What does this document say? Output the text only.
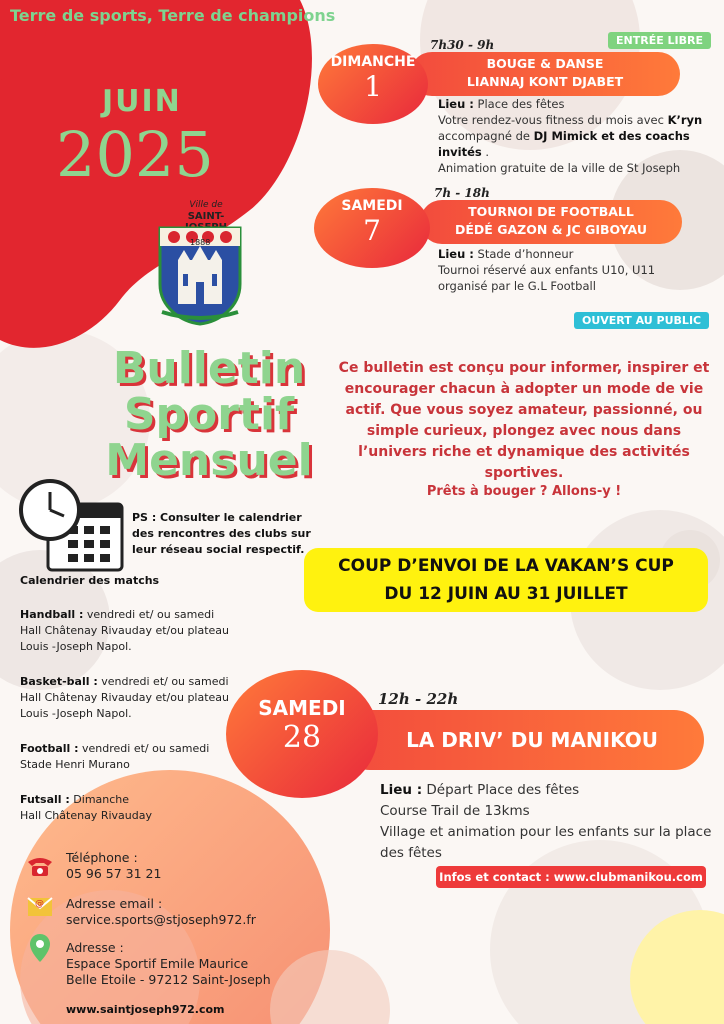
Terre de sports, Terre de champions
JUIN
2025
Ville de
SAINT-
1888
ENTRÉE LIBRE
OUVERT AU PUBLIC
7h30 - 9h
BOUGE & DANSE
LIANNAJ KONT DJABET
DIMANCHE
1
Lieu : Place des fêtes
Votre rendez-vous fitness du mois avec K’ryn
accompagné de DJ Mimick et des coachs invités .
Animation gratuite de la ville de St Joseph
7h - 18h
TOURNOI DE FOOTBALL
DÉDÉ GAZON & JC GIBOYAU
SAMEDI
7
Lieu : Stade d’honneur
Tournoi réservé aux enfants U10, U11
organisé par le G.L Football
Bulletin
Sportif
Mensuel
Ce bulletin est conçu pour informer, inspirer et encourager chacun à adopter un mode de vie actif. Que vous soyez amateur, passionné, ou simple curieux, plongez avec nous dans l’univers riche et dynamique des activités sportives.
Prêts à bouger ? Allons-y !
PS : Consulter le calendrier des rencontres des clubs sur leur réseau social respectif.
Calendrier des matchs
Handball : vendredi et/ ou samedi
Hall Châtenay Rivauday et/ou plateau
Louis -Joseph Napol.
Basket-ball : vendredi et/ ou samedi
Hall Châtenay Rivauday et/ou plateau
Louis -Joseph Napol.
Football : vendredi et/ ou samedi
Stade Henri Murano
Futsall : Dimanche
Hall Châtenay Rivauday
COUP D’ENVOI DE LA VAKAN’S CUP
DU 12 JUIN AU 31 JUILLET
12h - 22h
LA DRIV’ DU MANIKOU
SAMEDI
28
Lieu : Départ Place des fêtes
Course Trail de 13kms
Village et animation pour les enfants sur la place
des fêtes
Infos et contact : www.clubmanikou.com
Téléphone :
05 96 57 31 21
@ Adresse email :
service.sports@stjoseph972.fr
Adresse :
Espace Sportif Emile Maurice
Belle Etoile - 97212 Saint-Joseph
www.saintjoseph972.com
